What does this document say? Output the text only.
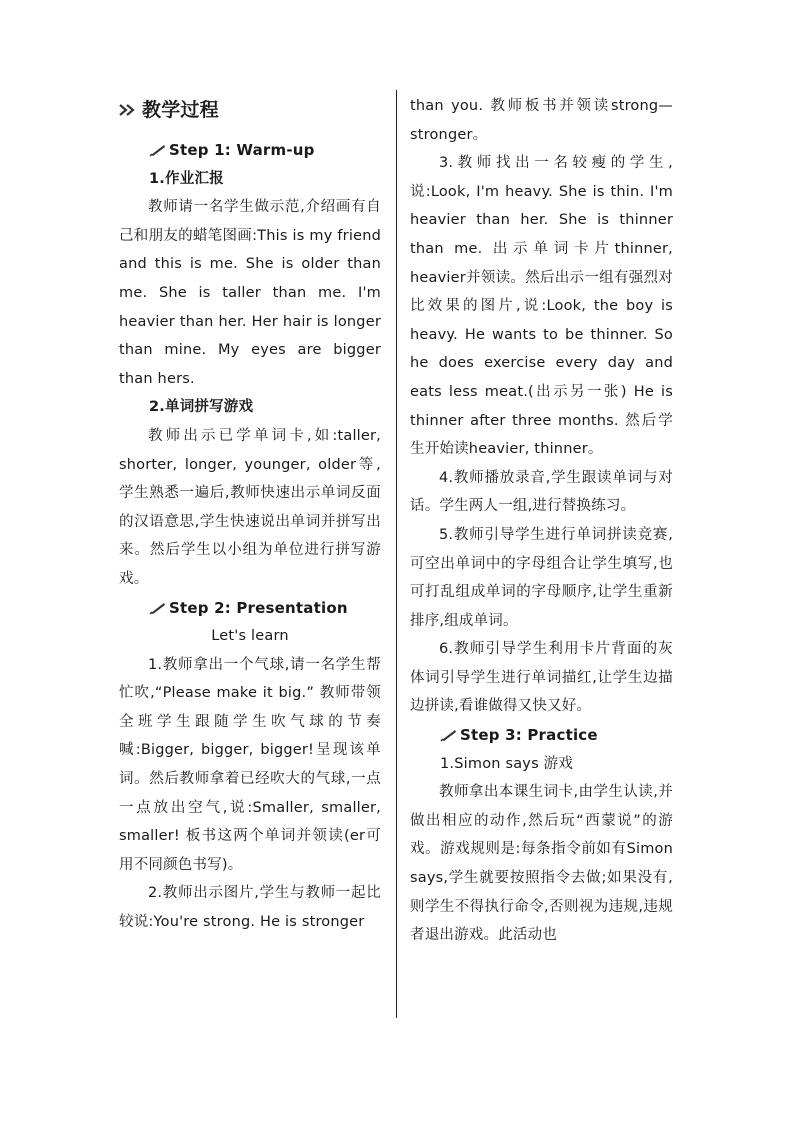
教学过程
Step 1: Warm-up

1.作业汇报

教师请一名学生做示范,介绍画有自己和朋友的蜡笔图画:This is my friend and this is me. She is older than me. She is taller than me. I'm heavier than her. Her hair is longer than mine. My eyes are bigger than hers.

2.单词拼写游戏

教师出示已学单词卡,如:taller, shorter, longer, younger, older等,学生熟悉一遍后,教师快速出示单词反面的汉语意思,学生快速说出单词并拼写出来。然后学生以小组为单位进行拼写游戏。

Step 2: Presentation

Let's learn

1.教师拿出一个气球,请一名学生帮忙吹,“Please make it big.” 教师带领全班学生跟随学生吹气球的节奏喊:Bigger, bigger, bigger!呈现该单词。然后教师拿着已经吹大的气球,一点一点放出空气,说:Smaller, smaller, smaller! 板书这两个单词并领读(er可用不同颜色书写)。

2.教师出示图片,学生与教师一起比较说:You're strong. He is stronger

than you. 教师板书并领读strong—stronger。

3.教师找出一名较瘦的学生,说:Look, I'm heavy. She is thin. I'm heavier than her. She is thinner than me. 出示单词卡片thinner, heavier并领读。然后出示一组有强烈对比效果的图片,说:Look, the boy is heavy. He wants to be thinner. So he does exercise every day and eats less meat.(出示另一张) He is thinner after three months. 然后学生开始读heavier, thinner。

4.教师播放录音,学生跟读单词与对话。学生两人一组,进行替换练习。

5.教师引导学生进行单词拼读竞赛,可空出单词中的字母组合让学生填写,也可打乱组成单词的字母顺序,让学生重新排序,组成单词。

6.教师引导学生利用卡片背面的灰体词引导学生进行单词描红,让学生边描边拼读,看谁做得又快又好。

Step 3: Practice

1.Simon says 游戏

教师拿出本课生词卡,由学生认读,并做出相应的动作,然后玩“西蒙说”的游戏。游戏规则是:每条指令前如有Simon says,学生就要按照指令去做;如果没有,则学生不得执行命令,否则视为违规,违规者退出游戏。此活动也
